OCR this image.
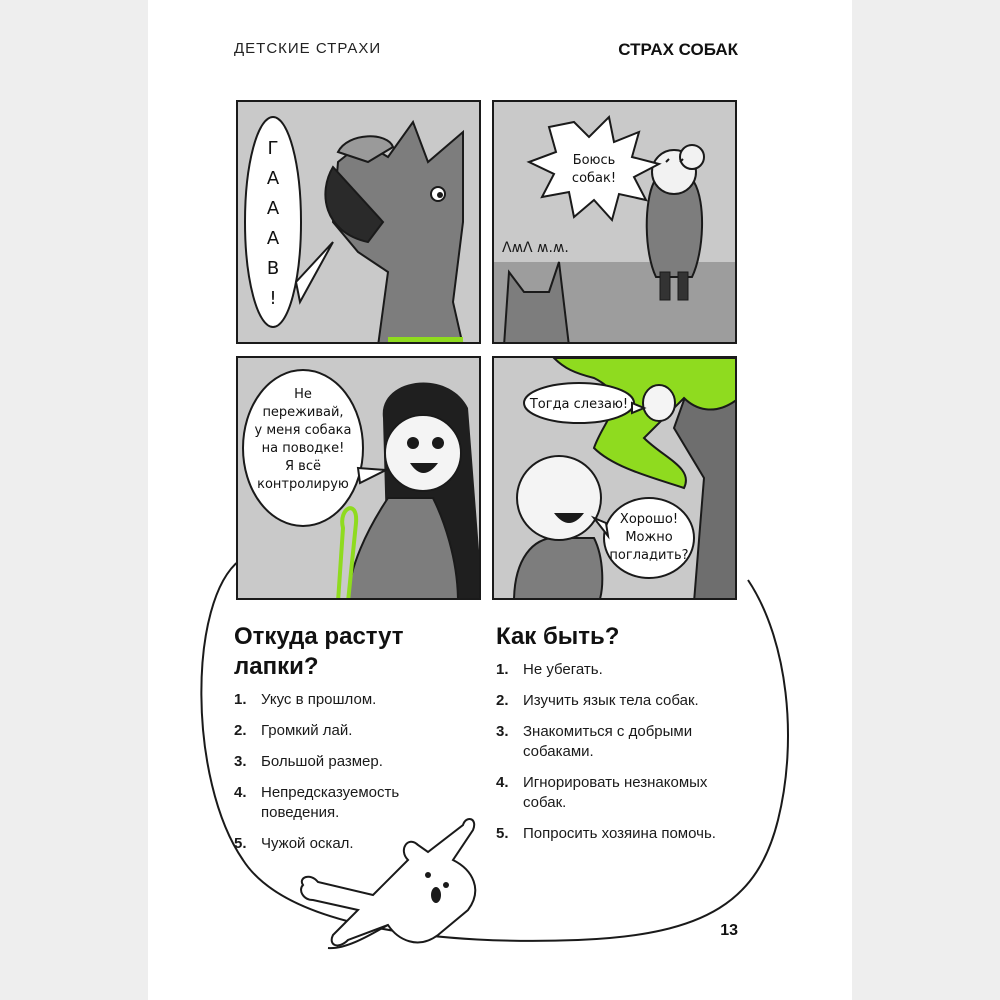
ДЕТСКИЕ СТРАХИ	СТРАХ СОБАК
Г
А
А
А
В
!
Боюсь
собак!
ɅʍɅ ʍ.ʍ.
Не
переживай,
у меня собака
на поводке!
Я всё
контролирую
Тогда слезаю!
Хорошо!
Можно
погладить?
Откуда растут
лапки?
1. Укус в прошлом.
2. Громкий лай.
3. Большой размер.
4. Непредсказуемость поведения.
5. Чужой оскал.
Как быть?
1. Не убегать.
2. Изучить язык тела собак.
3. Знакомиться с добрыми собаками.
4. Игнорировать незнакомых собак.
5. Попросить хозяина помочь.
13
